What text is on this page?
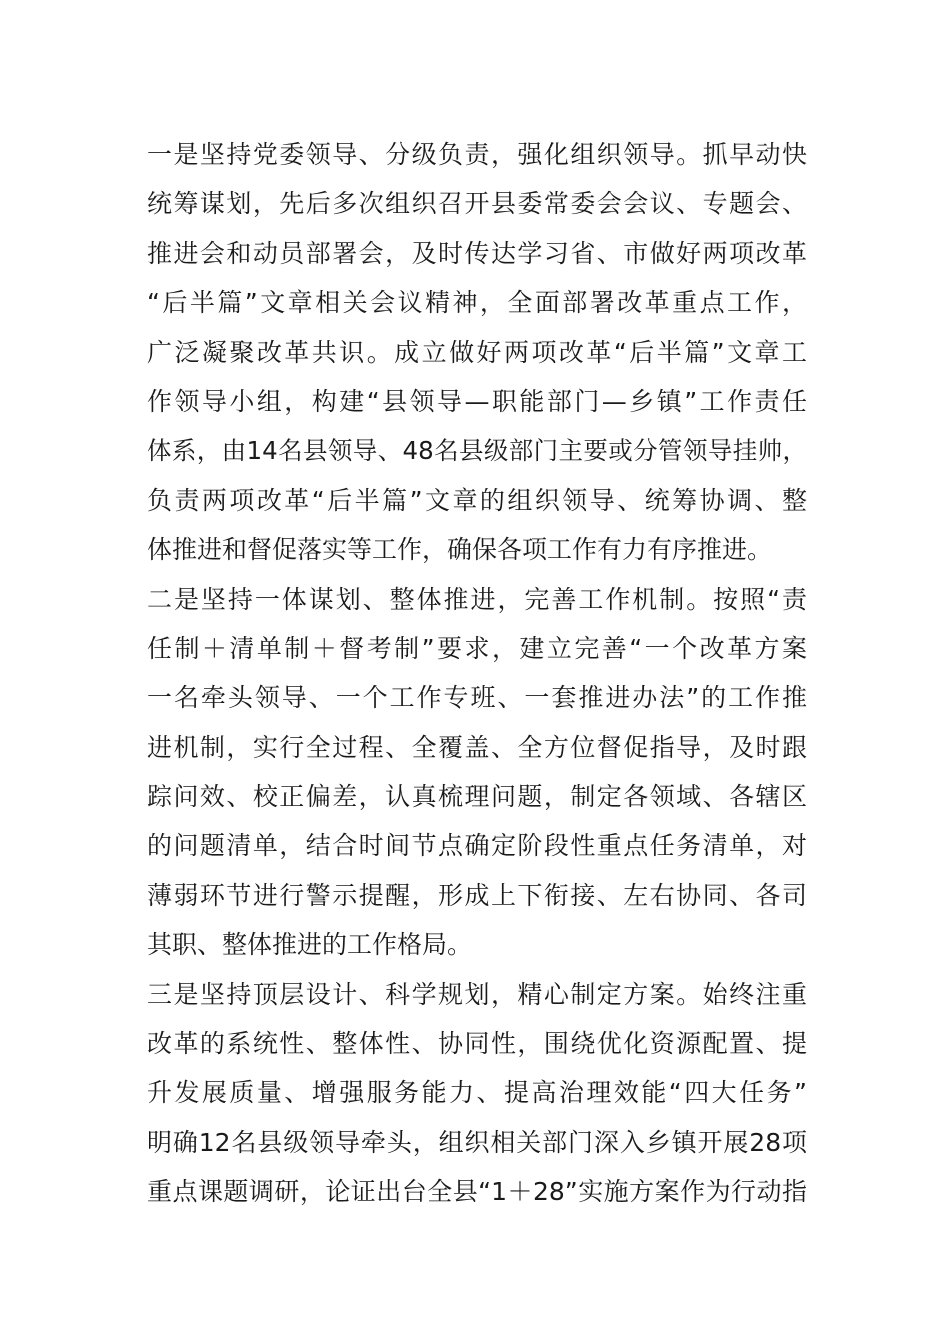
一是坚持党委领导、分级负责，强化组织领导。抓早动快
统筹谋划，先后多次组织召开县委常委会会议、专题会、
推进会和动员部署会，及时传达学习省、市做好两项改革
“后半篇”文章相关会议精神，全面部署改革重点工作，
广泛凝聚改革共识。成立做好两项改革“后半篇”文章工
作领导小组，构建“县领导—职能部门—乡镇”工作责任
体系，由14名县领导、48名县级部门主要或分管领导挂帅，
负责两项改革“后半篇”文章的组织领导、统筹协调、整
体推进和督促落实等工作，确保各项工作有力有序推进。
二是坚持一体谋划、整体推进，完善工作机制。按照“责
任制＋清单制＋督考制”要求，建立完善“一个改革方案
一名牵头领导、一个工作专班、一套推进办法”的工作推
进机制，实行全过程、全覆盖、全方位督促指导，及时跟
踪问效、校正偏差，认真梳理问题，制定各领域、各辖区
的问题清单，结合时间节点确定阶段性重点任务清单，对
薄弱环节进行警示提醒，形成上下衔接、左右协同、各司
其职、整体推进的工作格局。
三是坚持顶层设计、科学规划，精心制定方案。始终注重
改革的系统性、整体性、协同性，围绕优化资源配置、提
升发展质量、增强服务能力、提高治理效能“四大任务”
明确12名县级领导牵头，组织相关部门深入乡镇开展28项
重点课题调研，论证出台全县“1＋28”实施方案作为行动指
